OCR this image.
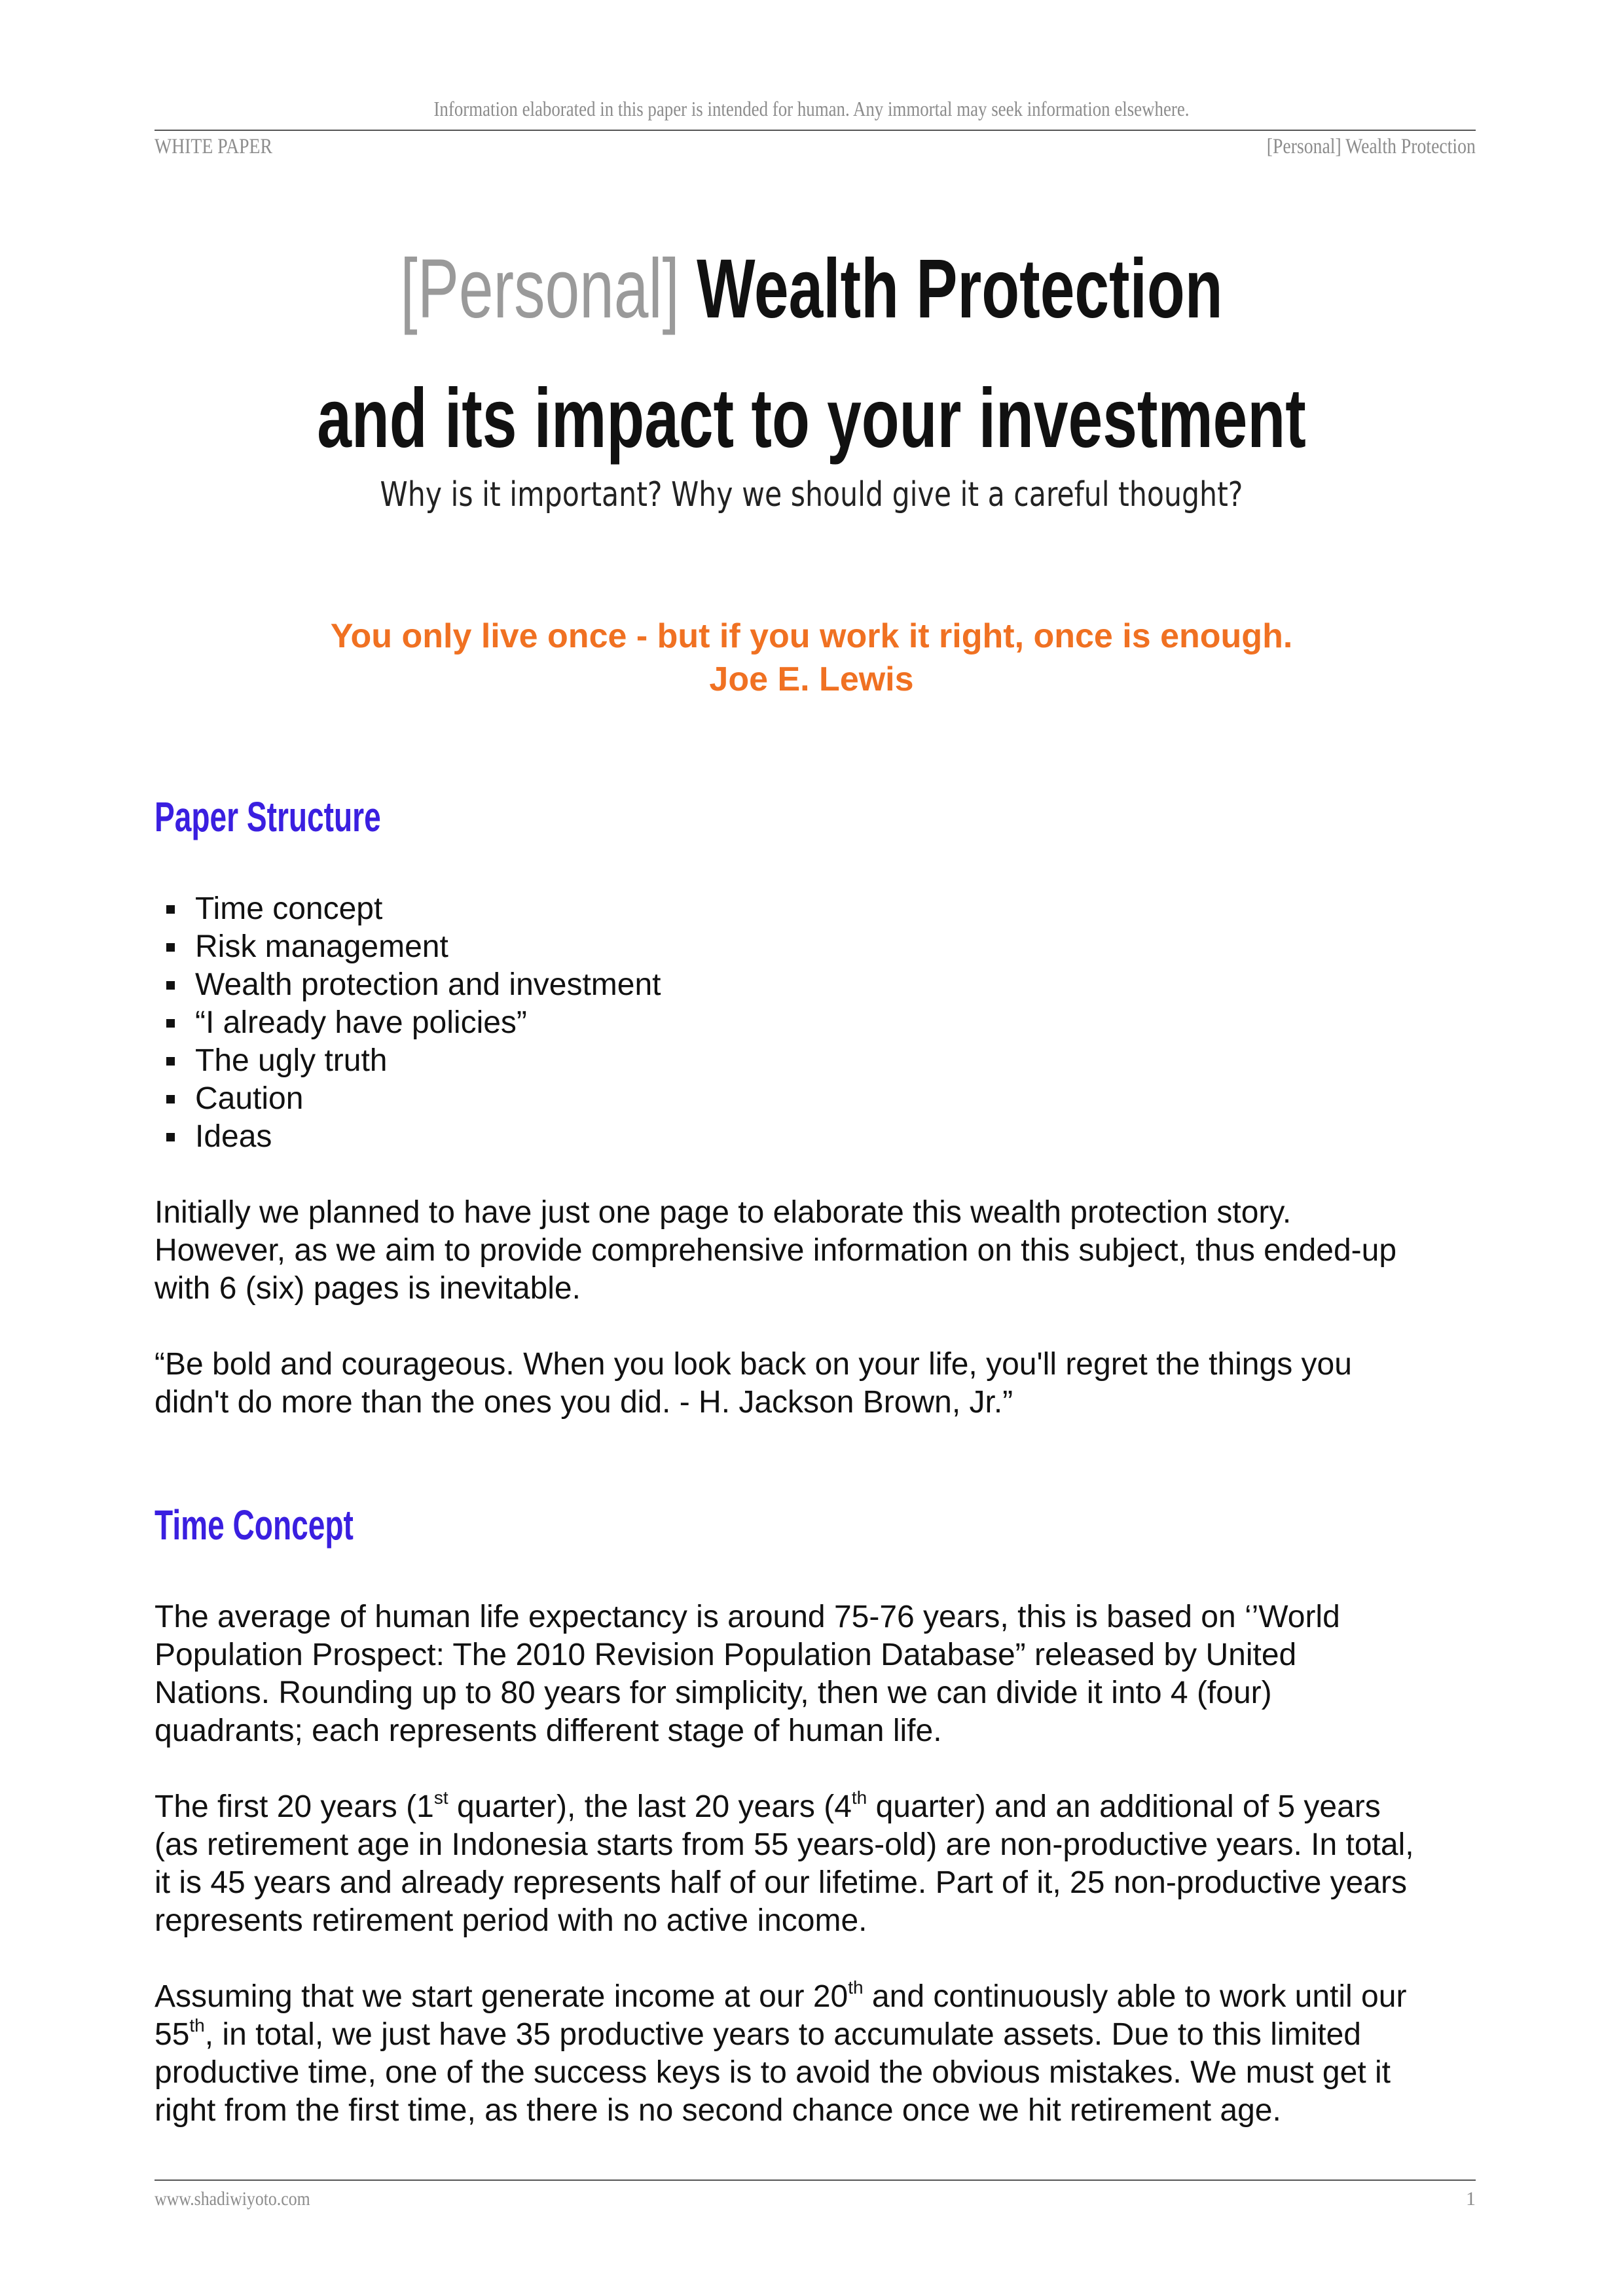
Information elaborated in this paper is intended for human. Any immortal may seek information elsewhere.
WHITE PAPER	[Personal] Wealth Protection
[Personal] Wealth Protection
and its impact to your investment
Why is it important? Why we should give it a careful thought?
You only live once - but if you work it right, once is enough.
Joe E. Lewis
Paper Structure
Time concept
Risk management
Wealth protection and investment
“I already have policies”
The ugly truth
Caution
Ideas
Initially we planned to have just one page to elaborate this wealth protection story.
However, as we aim to provide comprehensive information on this subject, thus ended-up
with 6 (six) pages is inevitable.
“Be bold and courageous. When you look back on your life, you'll regret the things you
didn't do more than the ones you did. - H. Jackson Brown, Jr.”
Time Concept
The average of human life expectancy is around 75-76 years, this is based on ‘’World
Population Prospect: The 2010 Revision Population Database” released by United
Nations. Rounding up to 80 years for simplicity, then we can divide it into 4 (four)
quadrants; each represents different stage of human life.
The first 20 years (1st quarter), the last 20 years (4th quarter) and an additional of 5 years
(as retirement age in Indonesia starts from 55 years-old) are non-productive years. In total,
it is 45 years and already represents half of our lifetime. Part of it, 25 non-productive years
represents retirement period with no active income.
Assuming that we start generate income at our 20th and continuously able to work until our
55th, in total, we just have 35 productive years to accumulate assets. Due to this limited
productive time, one of the success keys is to avoid the obvious mistakes. We must get it
right from the first time, as there is no second chance once we hit retirement age.
www.shadiwiyoto.com	1
